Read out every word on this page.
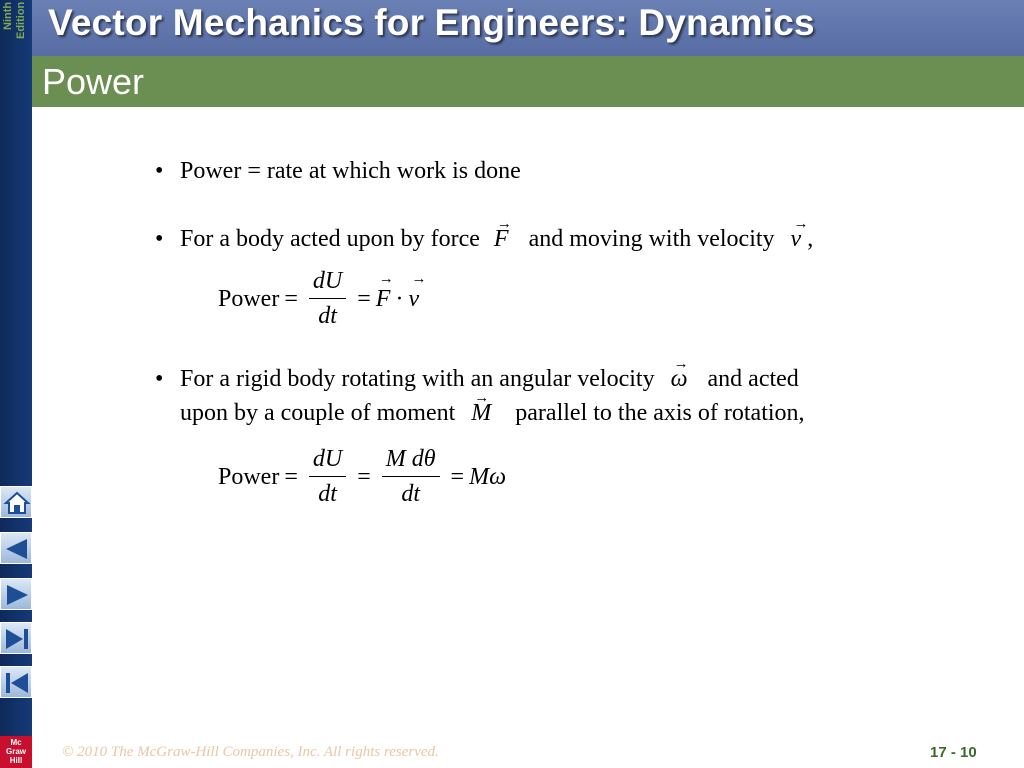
Ninth Edition Vector Mechanics for Engineers: Dynamics
Power
• Power = rate at which work is done
• For a body acted upon by force → F and moving with velocity → v ,
Power = $\frac{dU}{dt}$ = → F · → v
• For a rigid body rotating with an angular velocity → ω and acted
upon by a couple of moment → M parallel to the axis of rotation,
Power = $\frac{dU}{dt} = \frac{\text{M dθ}}{dt} = M\omega$
Mc
Graw
Hill
© 2010 The McGraw-Hill Companies, Inc. All rights reserved.	17 - 10
